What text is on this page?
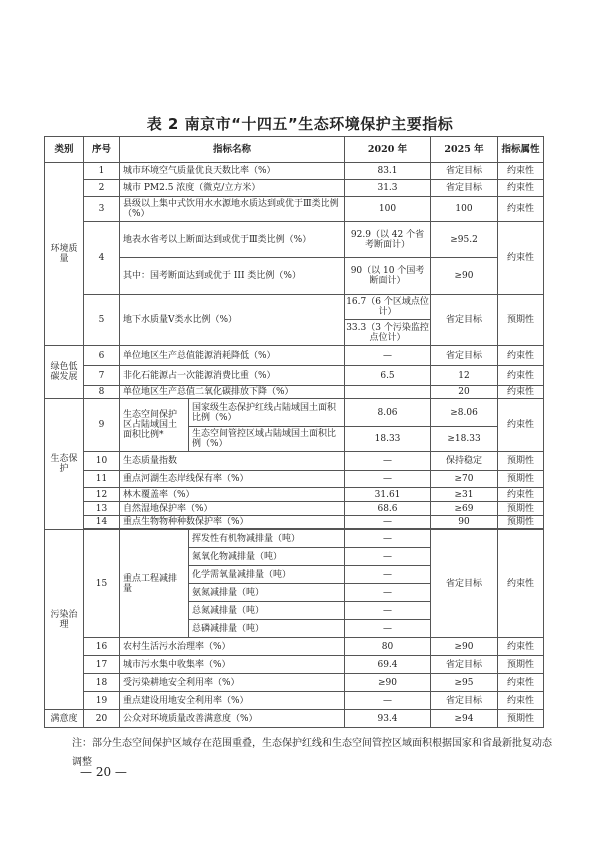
表 2 南京市“十四五”生态环境保护主要指标
类别	序号	指标名称		2020 年	2025 年	指标属性
环境质量	1	城市环境空气质量优良天数比率（%）		83.1	省定目标	约束性
	2	城市 PM2.5 浓度（微克/立方米）		31.3	省定目标	约束性
	3	县级以上集中式饮用水水源地水质达到或优于Ⅲ类比例（%）		100	100	约束性
	4	地表水省考以上断面达到或优于Ⅲ类比例（%）		92.9（以 42 个省考断面计）	≥95.2	约束性
		其中：国考断面达到或优于 III 类比例（%）		90（以 10 个国考断面计）	≥90	
	5	地下水质量Ⅴ类水比例（%）		16.7（6 个区域点位计）
33.3（3 个污染监控点位计）	省定目标	预期性
绿色低碳发展	6	单位地区生产总值能源消耗降低（%）		—	省定目标	约束性
	7	非化石能源占一次能源消费比重（%）		6.5	12	约束性
	8	单位地区生产总值二氧化碳排放下降（%）			20	约束性
生态保护	9	生态空间保护区占陆域国土面积比例*	国家级生态保护红线占陆域国土面积比例（%）	8.06	≥8.06	约束性
			生态空间管控区域占陆域国土面积比例（%）	18.33	≥18.33	
	10	生态质量指数		—	保持稳定	预期性
	11	重点河湖生态岸线保有率（%）		—	≥70	预期性
	12	林木覆盖率（%）		31.61	≥31	约束性
	13	自然湿地保护率（%）		68.6	≥69	预期性
	14	重点生物物种种数保护率（%）		—	90	预期性

污染治理	15	重点工程减排量	挥发性有机物减排量（吨）	—	省定目标	约束性
			氮氧化物减排量（吨）	—		
			化学需氧量减排量（吨）	—		
			氨氮减排量（吨）	—		
			总氮减排量（吨）	—		
			总磷减排量（吨）	—		
	16	农村生活污水治理率（%）		80	≥90	约束性
	17	城市污水集中收集率（%）		69.4	省定目标	预期性
	18	受污染耕地安全利用率（%）		≥90	≥95	约束性
	19	重点建设用地安全利用率（%）		—	省定目标	约束性
满意度	20	公众对环境质量改善满意度（%）		93.4	≥94	预期性
注：部分生态空间保护区域存在范围重叠，生态保护红线和生态空间管控区域面积根据国家和省最新批复动态调整
— 20 —
